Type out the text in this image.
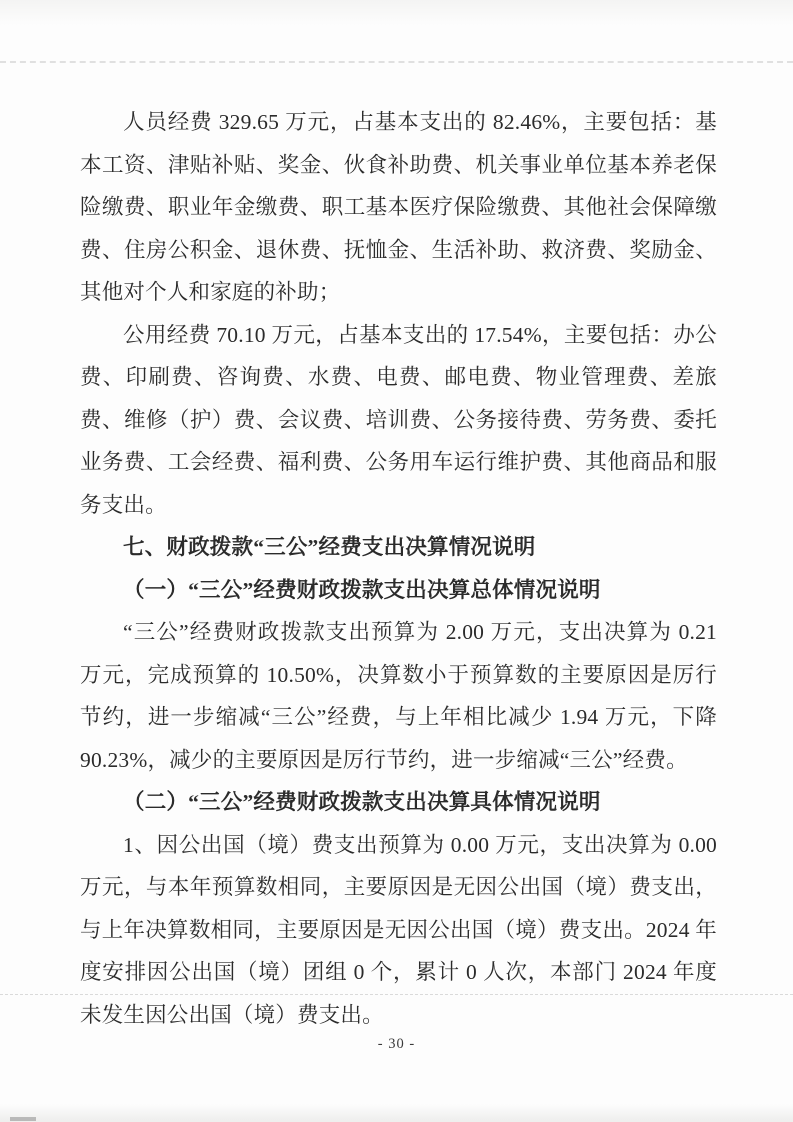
人员经费 329.65 万元，占基本支出的 82.46%，主要包括：基本工资、津贴补贴、奖金、伙食补助费、机关事业单位基本养老保险缴费、职业年金缴费、职工基本医疗保险缴费、其他社会保障缴费、住房公积金、退休费、抚恤金、生活补助、救济费、奖励金、其他对个人和家庭的补助；

公用经费 70.10 万元，占基本支出的 17.54%，主要包括：办公费、印刷费、咨询费、水费、电费、邮电费、物业管理费、差旅费、维修（护）费、会议费、培训费、公务接待费、劳务费、委托业务费、工会经费、福利费、公务用车运行维护费、其他商品和服务支出。

七、财政拨款“三公”经费支出决算情况说明

（一）“三公”经费财政拨款支出决算总体情况说明

“三公”经费财政拨款支出预算为 2.00 万元，支出决算为 0.21 万元，完成预算的 10.50%，决算数小于预算数的主要原因是厉行节约，进一步缩减“三公”经费，与上年相比减少 1.94 万元，下降 90.23%，减少的主要原因是厉行节约，进一步缩减“三公”经费。

（二）“三公”经费财政拨款支出决算具体情况说明

1、因公出国（境）费支出预算为 0.00 万元，支出决算为 0.00 万元，与本年预算数相同，主要原因是无因公出国（境）费支出，与上年决算数相同，主要原因是无因公出国（境）费支出。2024 年度安排因公出国（境）团组 0 个，累计 0 人次，本部门 2024 年度未发生因公出国（境）费支出。

- 30 -
